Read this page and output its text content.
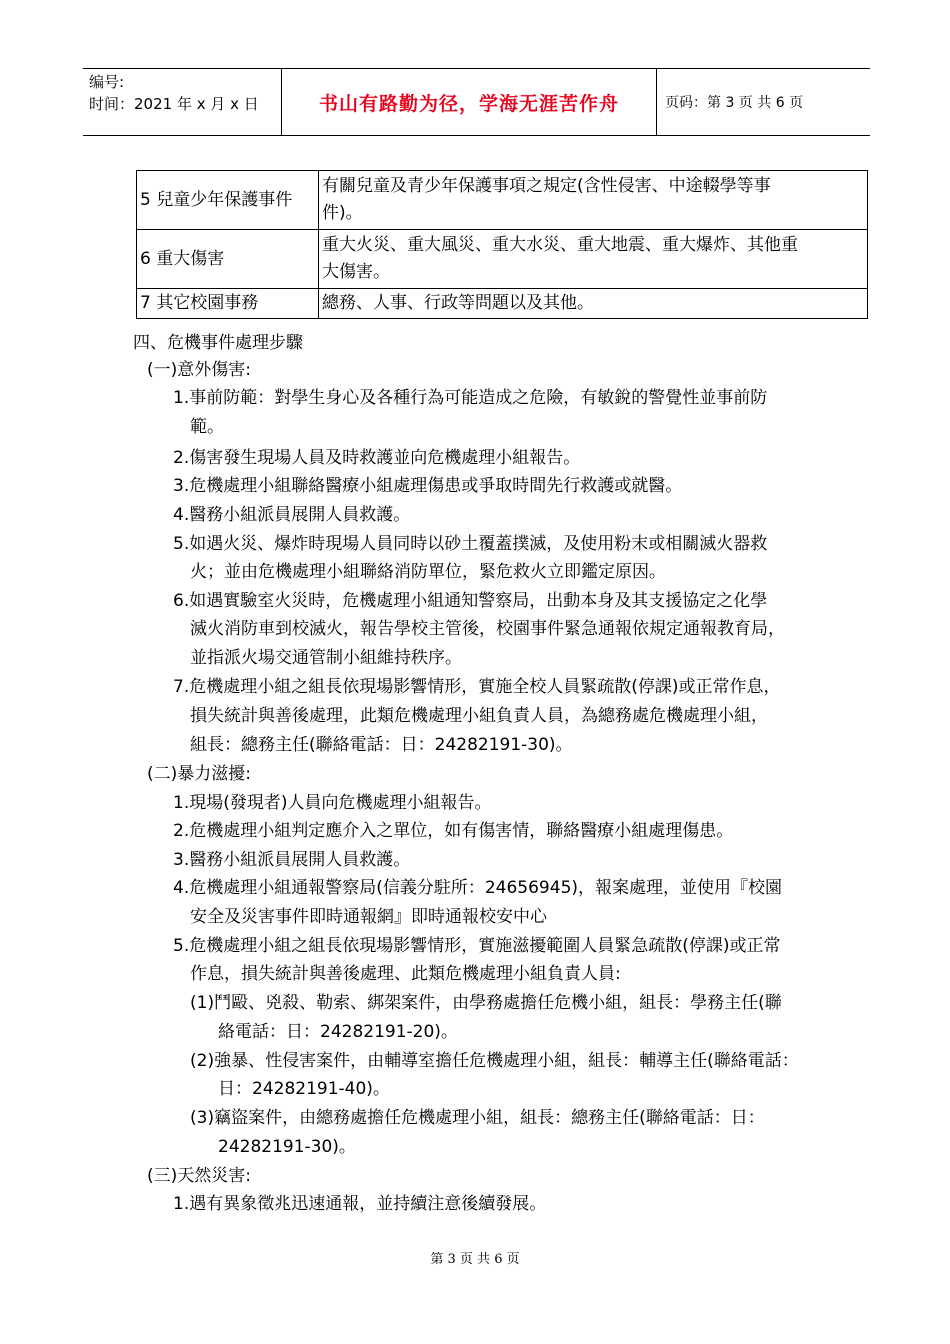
编号:
时间：2021 年 x 月 x 日	书山有路勤为径，学海无涯苦作舟	页码：第 3 页 共 6 页
5 兒童少年保護事件	有關兒童及青少年保護事項之規定(含性侵害、中途輟學等事
件)。

6 重大傷害	重大火災、重大風災、重大水災、重大地震、重大爆炸、其他重
大傷害。

7 其它校園事務	總務、人事、行政等問題以及其他。
四、危機事件處理步驟
(一)意外傷害:
1.事前防範：對學生身心及各種行為可能造成之危險，有敏銳的警覺性並事前防
範。
2.傷害發生現場人員及時救護並向危機處理小組報告。
3.危機處理小組聯絡醫療小組處理傷患或爭取時間先行救護或就醫。
4.醫務小組派員展開人員救護。
5.如遇火災、爆炸時現場人員同時以砂土覆蓋撲滅，及使用粉末或相關滅火器救
火；並由危機處理小組聯絡消防單位，緊危救火立即鑑定原因。
6.如遇實驗室火災時，危機處理小組通知警察局，出動本身及其支援協定之化學
滅火消防車到校滅火，報告學校主管後，校園事件緊急通報依規定通報教育局，
並指派火場交通管制小組維持秩序。
7.危機處理小組之組長依現場影響情形，實施全校人員緊疏散(停課)或正常作息，
損失統計與善後處理，此類危機處理小組負責人員，為總務處危機處理小組，
組長：總務主任(聯絡電話：日：24282191-30)。
(二)暴力滋擾:
1.現場(發現者)人員向危機處理小組報告。
2.危機處理小組判定應介入之單位，如有傷害情，聯絡醫療小組處理傷患。
3.醫務小組派員展開人員救護。
4.危機處理小組通報警察局(信義分駐所：24656945)，報案處理，並使用『校園
安全及災害事件即時通報網』即時通報校安中心
5.危機處理小組之組長依現場影響情形，實施滋擾範圍人員緊急疏散(停課)或正常
作息，損失統計與善後處理、此類危機處理小組負責人員:
(1)鬥毆、兇殺、勒索、綁架案件，由學務處擔任危機小組，組長：學務主任(聯
絡電話：日：24282191-20)。
(2)強暴、性侵害案件，由輔導室擔任危機處理小組，組長：輔導主任(聯絡電話：
日：24282191-40)。
(3)竊盜案件，由總務處擔任危機處理小組，組長：總務主任(聯絡電話：日：
24282191-30)。
(三)天然災害:
1.遇有異象徵兆迅速通報，並持續注意後續發展。
第 3 页 共 6 页
